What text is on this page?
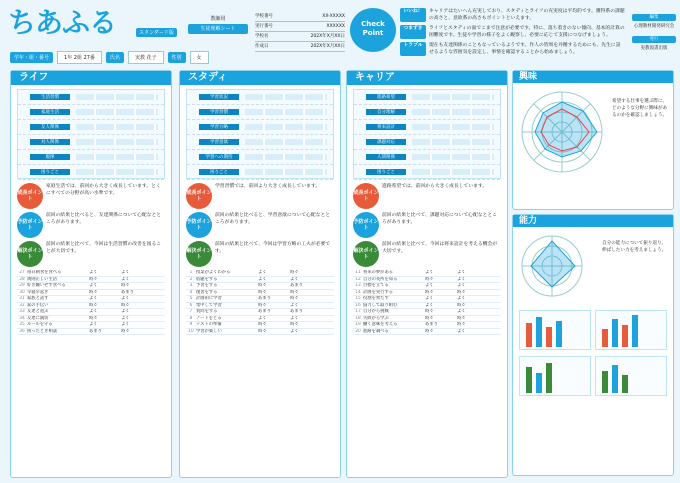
ちあふる	スタンダード版
教師用
生徒理解シート
学校番号	XX-XXXXX
実行番号	XXXXXX
学校名	202X年X月XX日
作成日	202X年X月XX日
Check Point
いいね！	キャリアはたいへん充実しており、スタディとライフの充実度は平均的です。獲得系の課題の高さと、意欲系の高さもポイントといえます。
つまずき	ライフとスタディの面でこまで注意が必要です。特に、落ち着きのない傾向、基本的計算の困難度です。生徒や学習の様子をよく観察し、必要に応じて支援につなげましょう。
トラブル	現在も友達関係のこともなっているようです。作人の皆周を丹精するためにも、先生に話せるような雰囲気を設定し、事情を確認することから始めましょう。
編集
心理教材開発研究会
発行
実教図書出版
学年・組・番号	1年 2組 27番	氏名	実教 花子	性別	女
ライフ
生活習慣
家庭生活
友人関係
対人関係
規律
困りごと
成長ポイント
家庭生活では、前回から大きく成長しています。とくにすべての分野が高い水準です。
予防ポイント
前回の結果と比べると、友達関係について心配なとところがあります。
解決ポイント
前回の結果と比べて、今回は生活習慣の改善を図ることが大切です。
27 毎日朝食を食べる	よく	よく
28 規則正しい生活	時々	よく
29 好き嫌いせず食べる	よく	時々
30 早寝早起き	時々	あまり
31 家族と話す	よく	よく
32 家の手伝い	時々	時々
33 友達と遊ぶ	よく	よく
34 友達に親切	時々	よく
35 ルールを守る	よく	よく
36 困ったとき相談	あまり	時々
スタディ
学習状況
学習習慣
学習方略
学習意欲
学習への期待
困りごと
成長ポイント
学習習慣では、前回より大きく成長しています。
予防ポイント
前回の結果と比べると、学習意欲について心配なとところがあります。
解決ポイント
前回の結果と比べて、今回は学習方略の工夫が必要です。
1 授業がよくわかる	よく	時々
2 宿題をする	よく	よく
3 予習をする	時々	あまり
4 復習をする	時々	時々
5 計画的に学習	あまり	時々
6 集中して学習	時々	よく
7 質問をする	あまり	あまり
8 ノートをとる	よく	よく
9 テストの準備	時々	時々
10 学習が楽しい	時々	よく
キャリア
進路希望
自分理解
将来設計
課題対応
人間関係
困りごと
成長ポイント
進路希望では、前回から大きく成長しています。
予防ポイント
前回の結果と比べて、課題対応について心配なとところがあります。
解決ポイント
前回の結果と比べて、今回は将来設計を考える機会が大切です。
11 将来の夢がある	よく	よく
12 自分の長所を知る	時々	よく
13 目標を立てる	よく	よく
14 計画を実行する	時々	時々
15 役割を果たす	よく	よく
16 協力して取り組む	よく	時々
17 自分から挑戦	時々	よく
18 失敗から学ぶ	時々	時々
19 働く意味を考える	あまり	時々
20 進路を調べる	時々	よく
興味
希望する仕事を選ぶ際に、どのような分野に興味があるのかを確認しましょう。
能力
自分の能力について振り返り、伸ばしたい力を考えましょう。
